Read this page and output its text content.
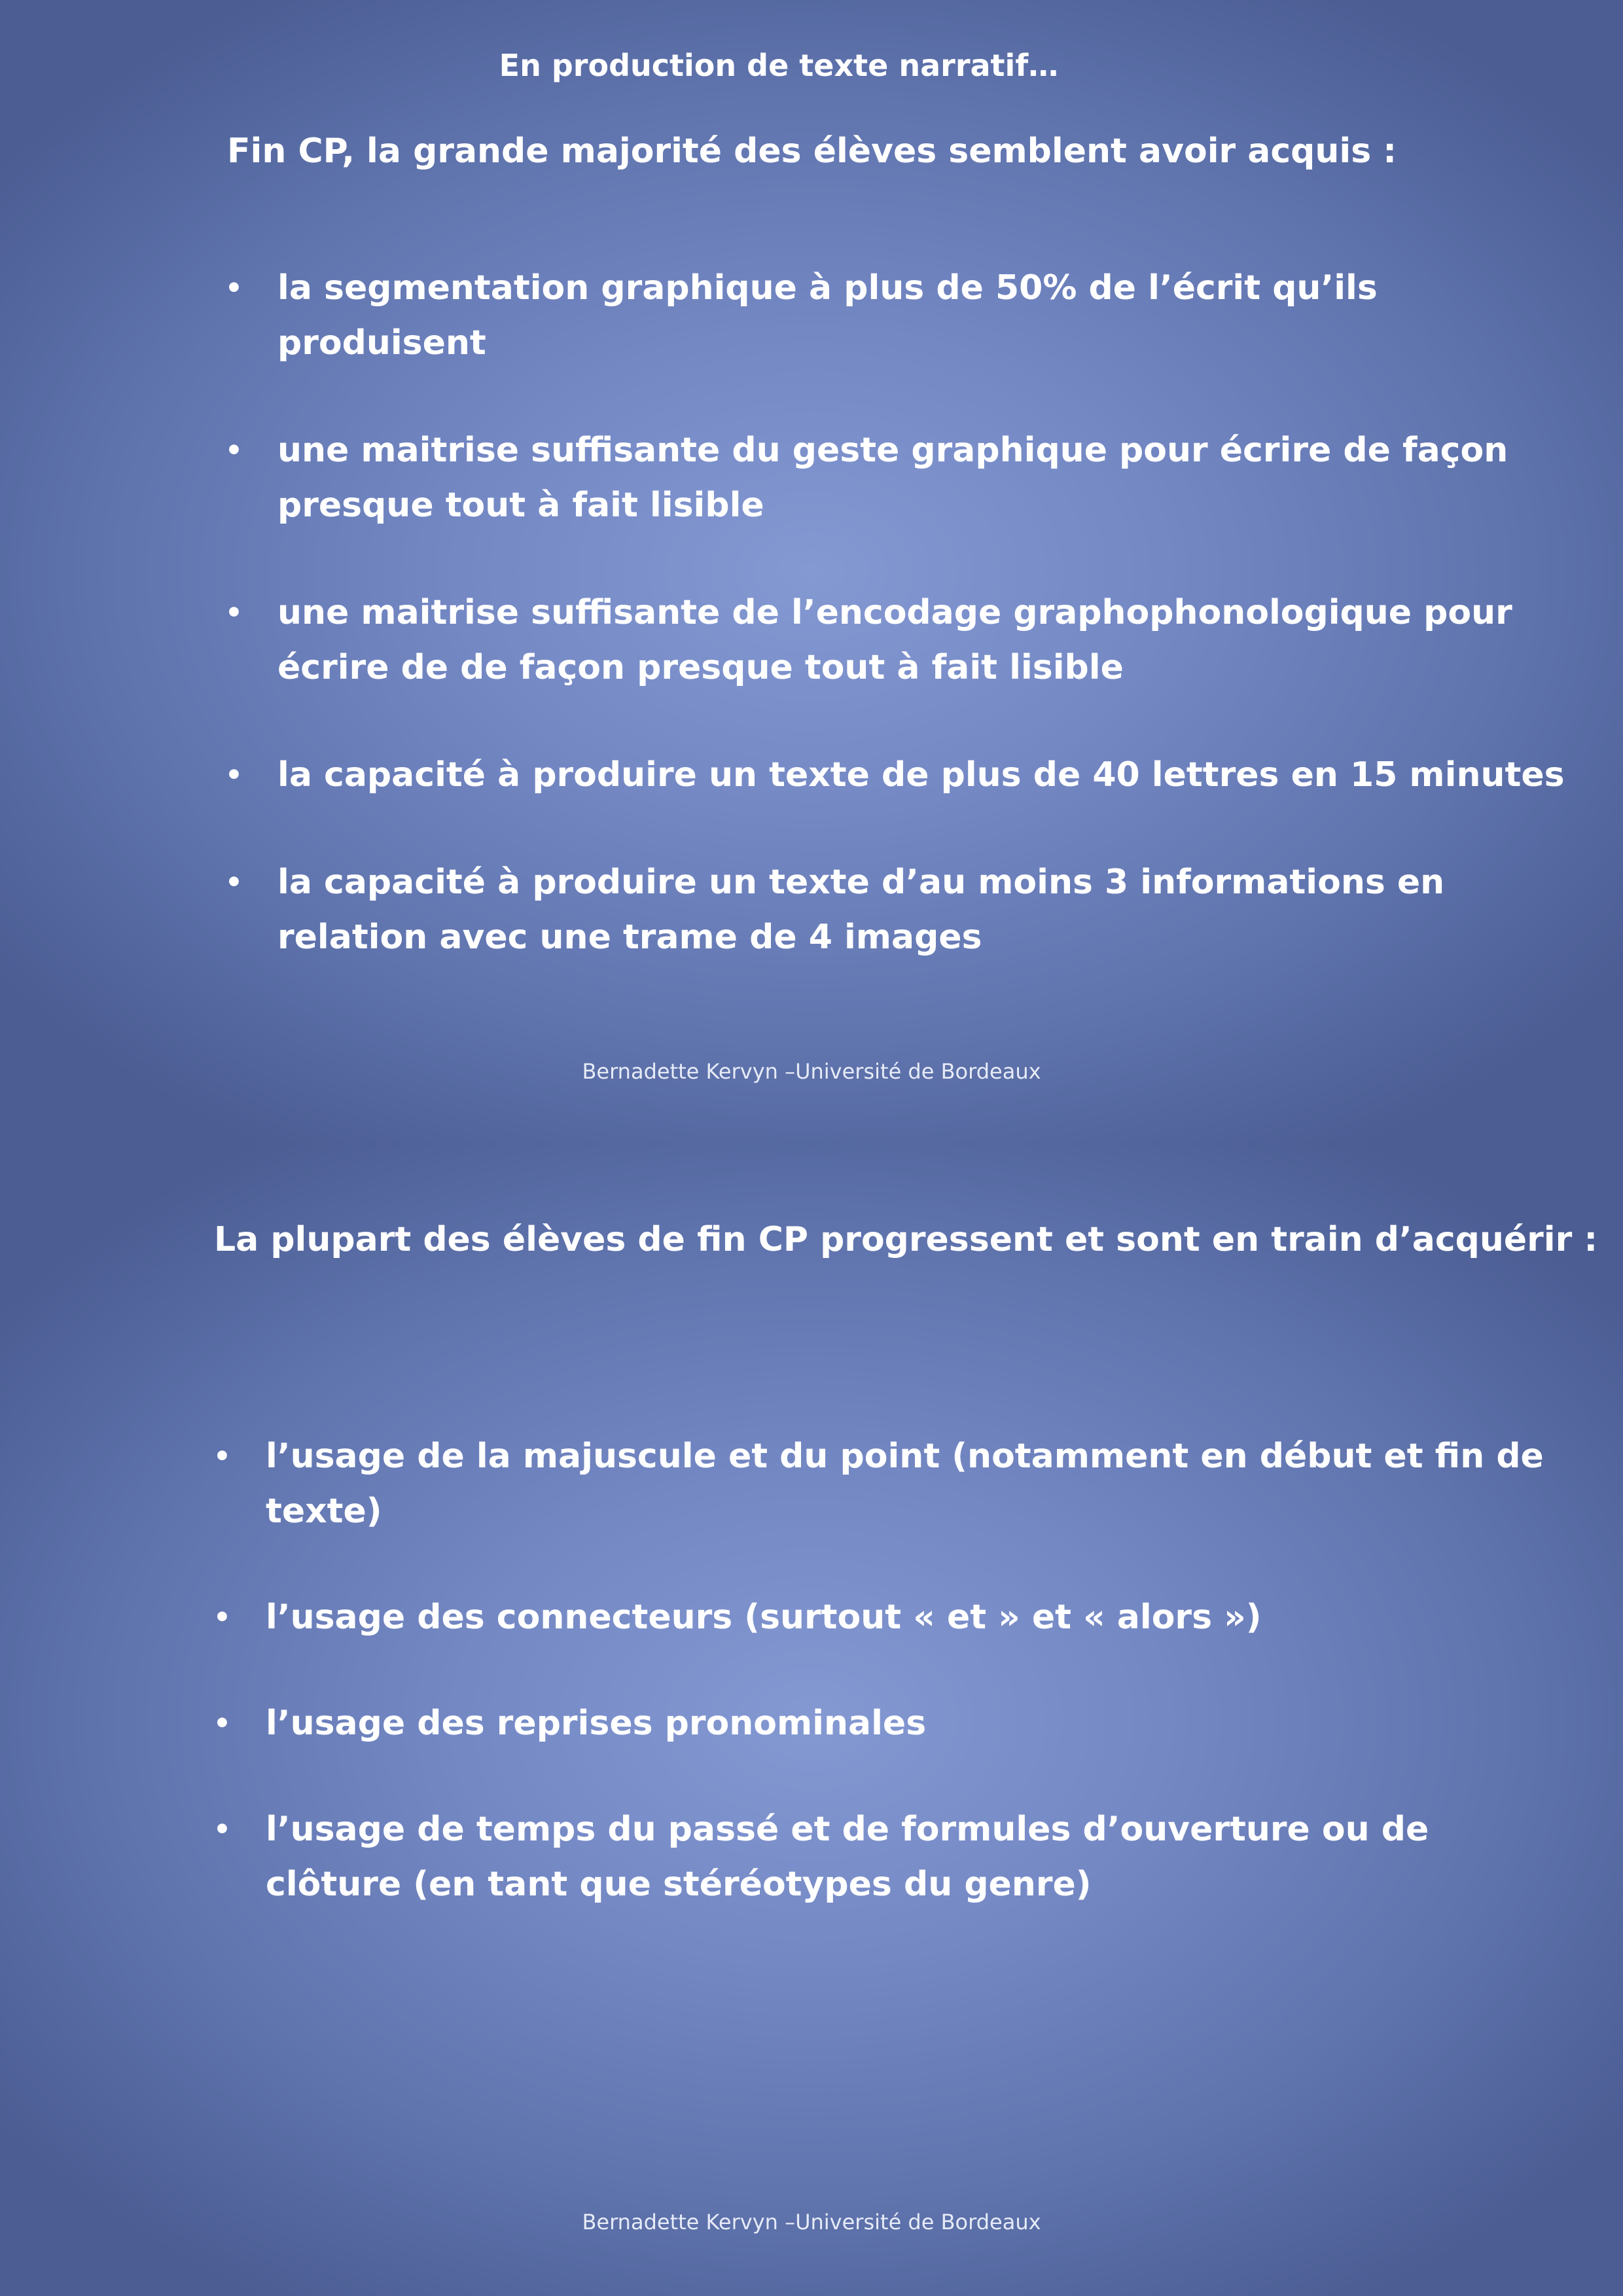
En production de texte narratif…
Fin CP, la grande majorité des élèves semblent avoir acquis :
• la segmentation graphique à plus de 50% de l’écrit qu’ils
produisent
• une maitrise suffisante du geste graphique pour écrire de façon
presque tout à fait lisible
• une maitrise suffisante de l’encodage graphophonologique pour
écrire de de façon presque tout à fait lisible
• la capacité à produire un texte de plus de 40 lettres en 15 minutes
• la capacité à produire un texte d’au moins 3 informations en
relation avec une trame de 4 images
Bernadette Kervyn –Université de Bordeaux
La plupart des élèves de fin CP progressent et sont en train d’acquérir :
• l’usage de la majuscule et du point (notamment en début et fin de
texte)
• l’usage des connecteurs (surtout « et » et « alors »)
• l’usage des reprises pronominales
• l’usage de temps du passé et de formules d’ouverture ou de
clôture (en tant que stéréotypes du genre)
Bernadette Kervyn –Université de Bordeaux
